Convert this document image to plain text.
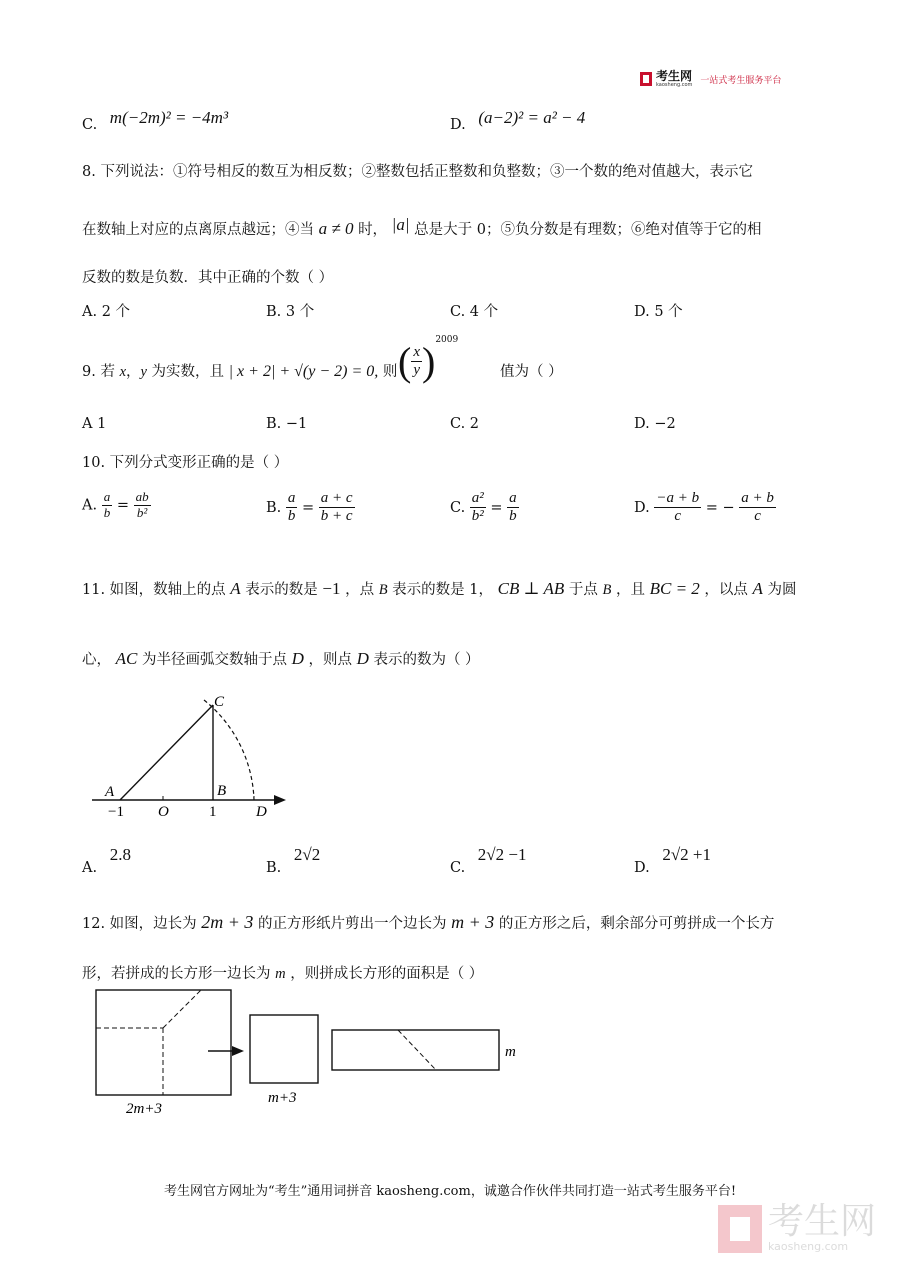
考生网
kaosheng.com 一站式考生服务平台
C. m(−2m)² = −4m³	D. (a−2)² = a² − 4
8. 下列说法：①符号相反的数互为相反数；②整数包括正整数和负整数；③一个数的绝对值越大，表示它
在数轴上对应的点离原点越远；④当 a ≠ 0 时， |a| 总是大于 0；⑤负分数是有理数；⑥绝对值等于它的相
反数的数是负数．其中正确的个数（ ）
A. 2 个	B. 3 个	C. 4 个	D. 5 个
9. 若 x，y 为实数，且 | x + 2| + √(y − 2) = 0, 则 ( $\frac{x}{y} )^{2009}$
值为（ ）
A 1	B. −1	C. 2	D. −2
10. 下列分式变形正确的是（ ）
A. $\frac{a}{b} = \frac{ab}{\text{b²}}$	B. $\frac{a}{b} = \frac{a + c}{b + c}$	C. $\frac{\text{a²}}{\text{b²}} = \frac{a}{b}$	D. $\frac{-a + b}{c}$ = − $\frac{a + b}{c}$
11. 如图，数轴上的点 A 表示的数是 −1 ，点 B 表示的数是 1， CB ⊥ AB 于点 B ，且 BC = 2 ，以点 A 为圆
心， AC 为半径画弧交数轴于点 D ，则点 D 表示的数为（ ）
A
C
B
−1 O	1	D
A. 2.8
B. 2√2
C. 2√2 −1
D. 2√2 +1
12. 如图，边长为 2m + 3 的正方形纸片剪出一个边长为 m + 3 的正方形之后，剩余部分可剪拼成一个长方
形，若拼成的长方形一边长为 m ，则拼成长方形的面积是（ ）
2m+3
m+3
m
考生网官方网址为“考生”通用词拼音 kaosheng.com，诚邀合作伙伴共同打造一站式考生服务平台!
考生网
kaosheng.com
